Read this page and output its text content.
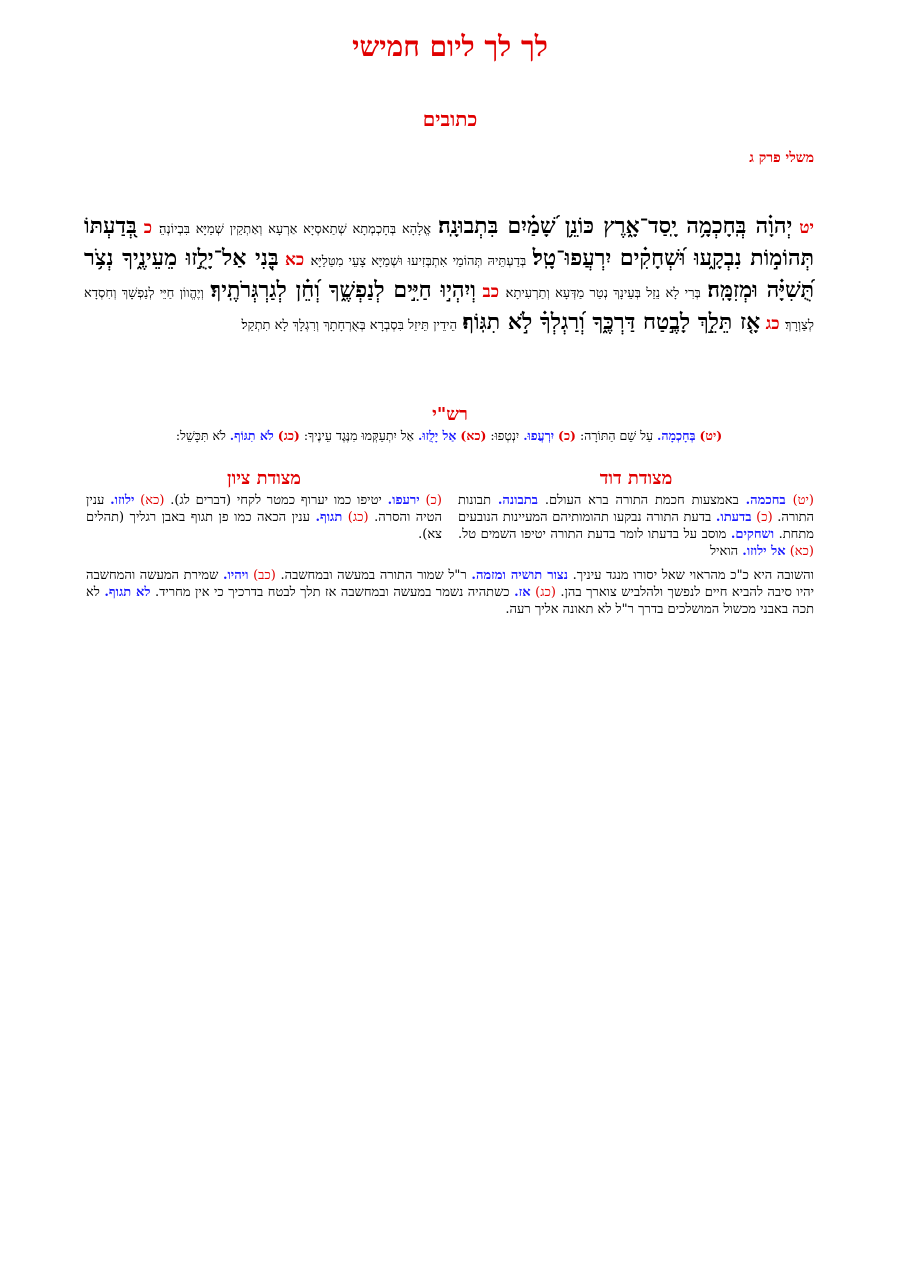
לך לך ליום חמישי
כתובים
משלי פרק ג
יט יְהוָ֗ה בְּֽחָכְמָ֥ה יָֽסַד־אָ֑רֶץ כּוֹנֵ֥ן שָׁ֝מַ֗יִם בִּתְבוּנָֽה׃ אֱלָהָא בְּחָכְמְתָא שְׁתַאסְיָא אַרְעָא וְאַתְקֵין שְׁמַיָּא בִּבְיוֹנְהֵ׃ כ בְּ֭דַעְתּוֹ תְּהוֹמ֣וֹת נִבְקָ֑עוּ וּ֝שְׁחָקִ֗ים יִרְעֲפוּ־טָֽל׃ בְּדַעְתֵּיהּ תְּהוֹמֵי אִתְבְּזִיעוּ וּשְׁמַיָּא צָעֵי מִטַּלַיָּא׃ כא בְּנִ֭י אַל־יָלֻ֣זוּ מֵעֵינֶ֑יךָ נְצֹ֥ר תֻּ֝שִׁיָּ֗ה וּמְזִמָּֽה׃ בְּרִי לָא נֵזַל בְּעֵינָךְ נְטַר מַדְּעָא וְתַרְעִיתָא׃ כב וְיִהְי֣וּ חַיִּ֣ים לְנַפְשֶׁ֑ךָ וְ֝חֵ֗ן לְגַרְגְּרֹתֶֽיךָ׃ וְיֶהֱווֹן חַיֵּי לְנַפְשָׁךְ וְחִסְדָא לְצַוְרָךְ׃ כג אָ֤ז תֵּלֵ֣ךְ לָבֶ֣טַח דַּרְכֶּ֑ךָ וְ֝רַגְלְךָ֗ לֹ֣א תִגּֽוֹף׃ הֵידֵין תֵּיזַל בִּסְבְרָא בְּאֻרְחָתָךְ וְרִגְלָךְ לָא תִתְקַל׃
רש"י
(יט) בְּחָכְמָה. עַל שֵׁם הַתּוֹרָה: (כ) יִרְעֲפוּ. יִנְטְפוּ: (כא) אַל יָלֻזוּ. אַל יִתְעַקְּמוּ מִנֶּגֶד עֵינֶיךָ: (כג) לֹא תִגּוֹף. לֹא תִּכָּשֵׁל:
מצודת דוד
מצודת ציון
(יט) בחכמה. באמצעות חכמת התורה ברא העולם. בתבונה. תבונות התורה. (כ) בדעתו. בדעת התורה נבקעו תהומותיהם המעיינות הנובעים מתחת. ושחקים. מוסב על בדעתו לומר בדעת התורה יטיפו השמים טל. (כא) אל ילוזו. הואיל
(כ) ירעפו. יטיפו כמו יערוף כמטר לקחי (דברים לג). (כא) ילוזו. ענין הטיה והסרה. (כג) תגוף. ענין הכאה כמו פן תגוף באבן רגליך (תהלים צא).
והשובה היא כ"כ מהראוי שאל יסורו מנגד עיניך. נצור תושיה ומזמה. ר"ל שמור התורה במעשה ובמחשבה. (כב) ויהיו. שמירת המעשה והמחשבה יהיו סיבה להביא חיים לנפשך ולהלביש צוארך בהן. (כג) אז. כשתהיה נשמר במעשה ובמחשבה אז תלך לבטח בדרכיך כי אין מחריד. לא תגוף. לא תכה באבני מכשול המושלכים בדרך ר"ל לא תאונה אליך רעה.
